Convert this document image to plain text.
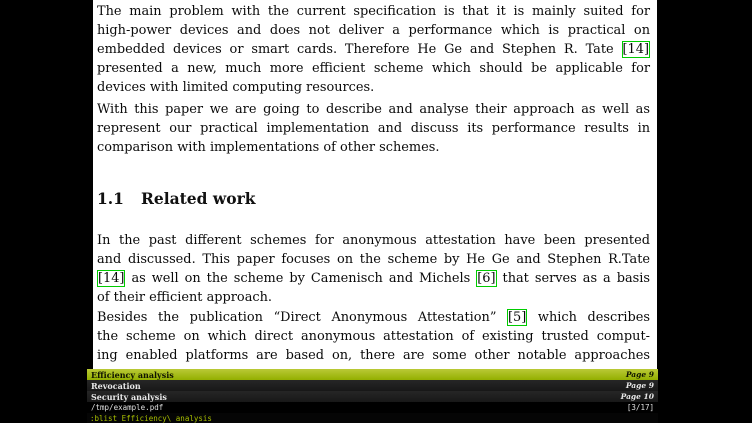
The main problem with the current specification is that it is mainly suited for
high-power devices and does not deliver a performance which is practical on
embedded devices or smart cards. Therefore He Ge and Stephen R. Tate [14]
presented a new, much more efficient scheme which should be applicable for
devices with limited computing resources.
With this paper we are going to describe and analyse their approach as well as
represent our practical implementation and discuss its performance results in
comparison with implementations of other schemes.
1.1 Related work
In the past different schemes for anonymous attestation have been presented
and discussed. This paper focuses on the scheme by He Ge and Stephen R.Tate
[14] as well on the scheme by Camenisch and Michels [6] that serves as a basis
of their efficient approach.
Besides the publication “Direct Anonymous Attestation” [5] which describes
the scheme on which direct anonymous attestation of existing trusted comput-
ing enabled platforms are based on, there are some other notable approaches
Efficiency analysis	Page 9
Revocation	Page 9
Security analysis	Page 10
/tmp/example.pdf	[3/17]
:blist Efficiency\ analysis
